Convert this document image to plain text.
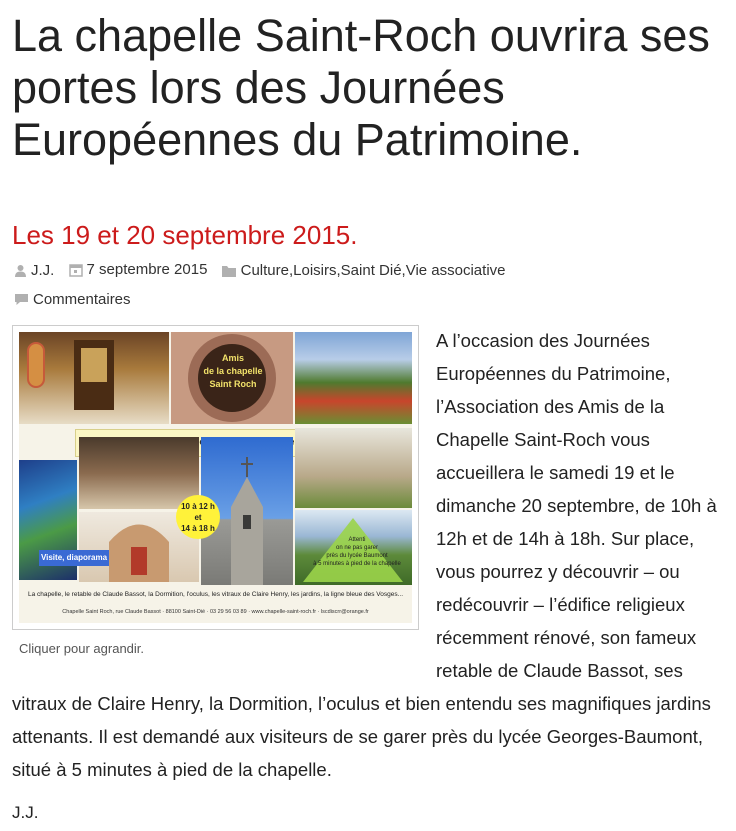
La chapelle Saint-Roch ouvrira ses portes lors des Journées Européennes du Patrimoine.
Les 19 et 20 septembre 2015.
J.J.
7 septembre 2015
Culture , Loisirs , Saint Dié , Vie associative

Commentaires
Amis
de la chapelle
Saint Roch
septembre
Attenti
on ne pas garer
près du lycée Baumont
à 5 minutes à pied de la chapelle
10 à 12 h
et
14 à 18 h
Visite, diaporama
La chapelle, le retable de Claude Bassot, la Dormition, l'oculus, les vitraux de Claire Henry, les jardins, la ligne bleue des Vosges...
Chapelle Saint Roch, rue Claude Bassot · 88100 Saint-Dié · 03 29 56 03 89 · www.chapelle-saint-roch.fr · lscdiscrr@orange.fr
Cliquer pour agrandir.
A l’occasion des Journées Européennes du Patrimoine, l’Association des Amis de la Chapelle Saint-Roch vous accueillera le samedi 19 et le dimanche 20 septembre, de 10h à 12h et de 14h à 18h. Sur place, vous pourrez y découvrir – ou redécouvrir – l’édifice religieux récemment rénové, son fameux retable de Claude Bassot, ses vitraux de Claire Henry, la Dormition, l’oculus et bien entendu ses magnifiques jardins attenants. Il est demandé aux visiteurs de se garer près du lycée Georges-Baumont, situé à 5 minutes à pied de la chapelle.
J.J.
